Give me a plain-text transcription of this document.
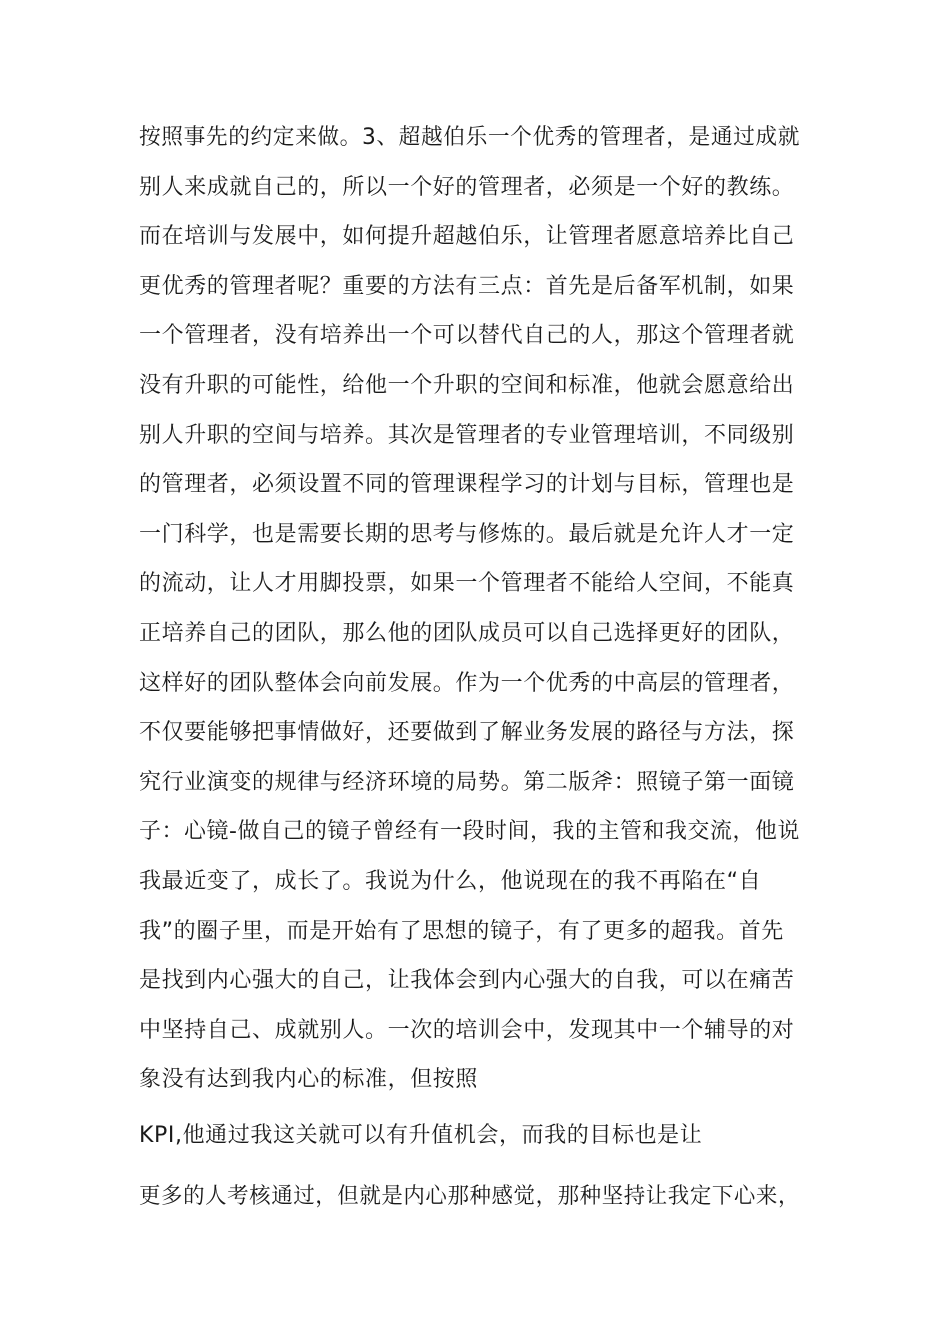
按照事先的约定来做。3、超越伯乐一个优秀的管理者，是通过成就
别人来成就自己的，所以一个好的管理者，必须是一个好的教练。
而在培训与发展中，如何提升超越伯乐，让管理者愿意培养比自己
更优秀的管理者呢？重要的方法有三点：首先是后备军机制，如果
一个管理者，没有培养出一个可以替代自己的人，那这个管理者就
没有升职的可能性，给他一个升职的空间和标准，他就会愿意给出
别人升职的空间与培养。其次是管理者的专业管理培训，不同级别
的管理者，必须设置不同的管理课程学习的计划与目标，管理也是
一门科学，也是需要长期的思考与修炼的。最后就是允许人才一定
的流动，让人才用脚投票，如果一个管理者不能给人空间，不能真
正培养自己的团队，那么他的团队成员可以自己选择更好的团队，
这样好的团队整体会向前发展。作为一个优秀的中高层的管理者，
不仅要能够把事情做好，还要做到了解业务发展的路径与方法，探
究行业演变的规律与经济环境的局势。第二版斧：照镜子第一面镜
子：心镜-做自己的镜子曾经有一段时间，我的主管和我交流，他说
我最近变了，成长了。我说为什么，他说现在的我不再陷在“自
我”的圈子里，而是开始有了思想的镜子，有了更多的超我。首先
是找到内心强大的自己，让我体会到内心强大的自我，可以在痛苦
中坚持自己、成就别人。一次的培训会中，发现其中一个辅导的对
象没有达到我内心的标准，但按照
KPI,他通过我这关就可以有升值机会，而我的目标也是让
更多的人考核通过，但就是内心那种感觉，那种坚持让我定下心来，
